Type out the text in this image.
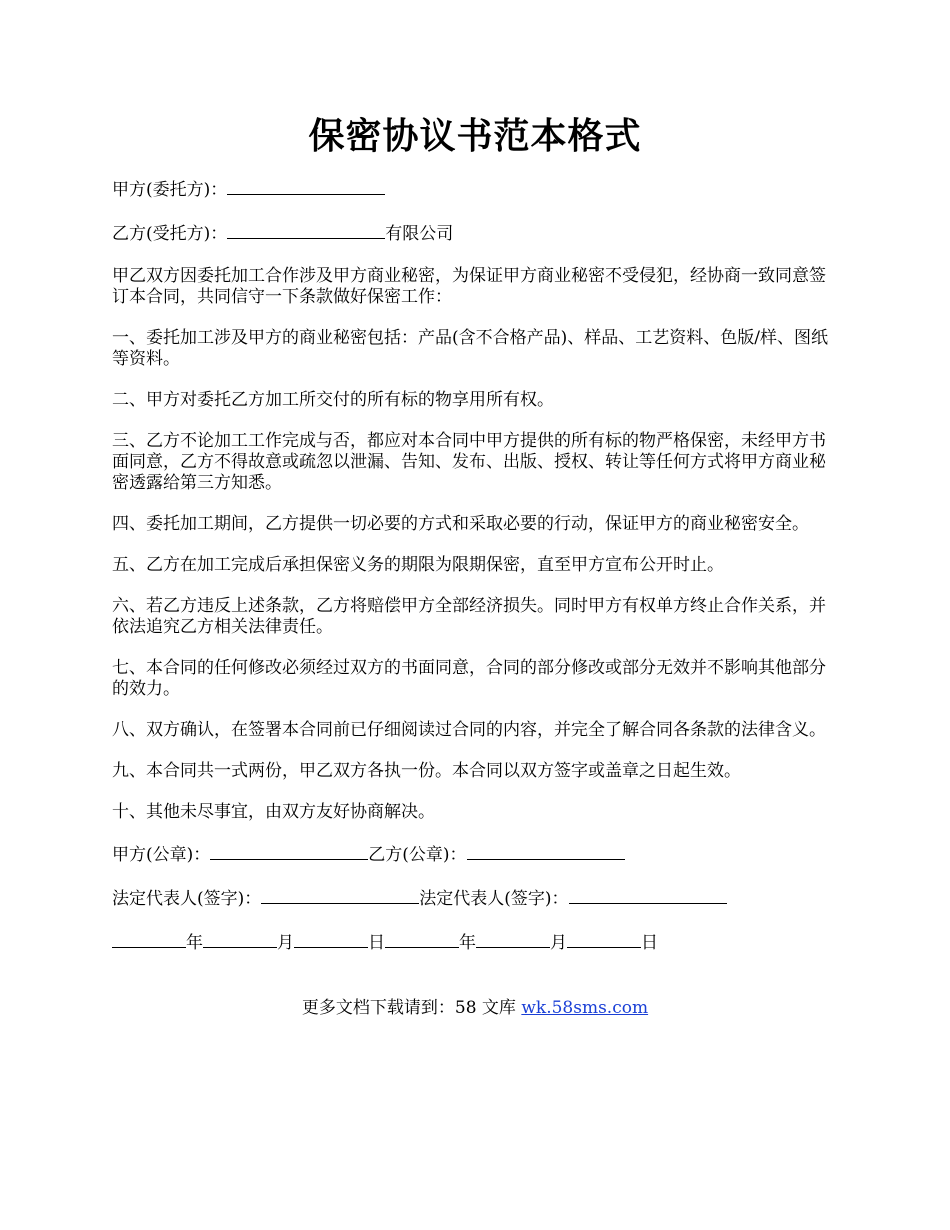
保密协议书范本格式

甲方(委托方)：

乙方(受托方)：	有限公司

甲乙双方因委托加工合作涉及甲方商业秘密，为保证甲方商业秘密不受侵犯，经协商一致同意签订本合同，共同信守一下条款做好保密工作：

一、委托加工涉及甲方的商业秘密包括：产品(含不合格产品)、样品、工艺资料、色版/样、图纸等资料。

二、甲方对委托乙方加工所交付的所有标的物享用所有权。

三、乙方不论加工工作完成与否，都应对本合同中甲方提供的所有标的物严格保密，未经甲方书面同意，乙方不得故意或疏忽以泄漏、告知、发布、出版、授权、转让等任何方式将甲方商业秘密透露给第三方知悉。

四、委托加工期间，乙方提供一切必要的方式和采取必要的行动，保证甲方的商业秘密安全。

五、乙方在加工完成后承担保密义务的期限为限期保密，直至甲方宣布公开时止。

六、若乙方违反上述条款，乙方将赔偿甲方全部经济损失。同时甲方有权单方终止合作关系，并依法追究乙方相关法律责任。

七、本合同的任何修改必须经过双方的书面同意，合同的部分修改或部分无效并不影响其他部分的效力。

八、双方确认，在签署本合同前已仔细阅读过合同的内容，并完全了解合同各条款的法律含义。

九、本合同共一式两份，甲乙双方各执一份。本合同以双方签字或盖章之日起生效。

十、其他未尽事宜，由双方友好协商解决。

甲方(公章)：	乙方(公章)：

法定代表人(签字)：	法定代表人(签字)：

年	月	日	年	月	日

更多文档下载请到：58 文库 wk.58sms.com
